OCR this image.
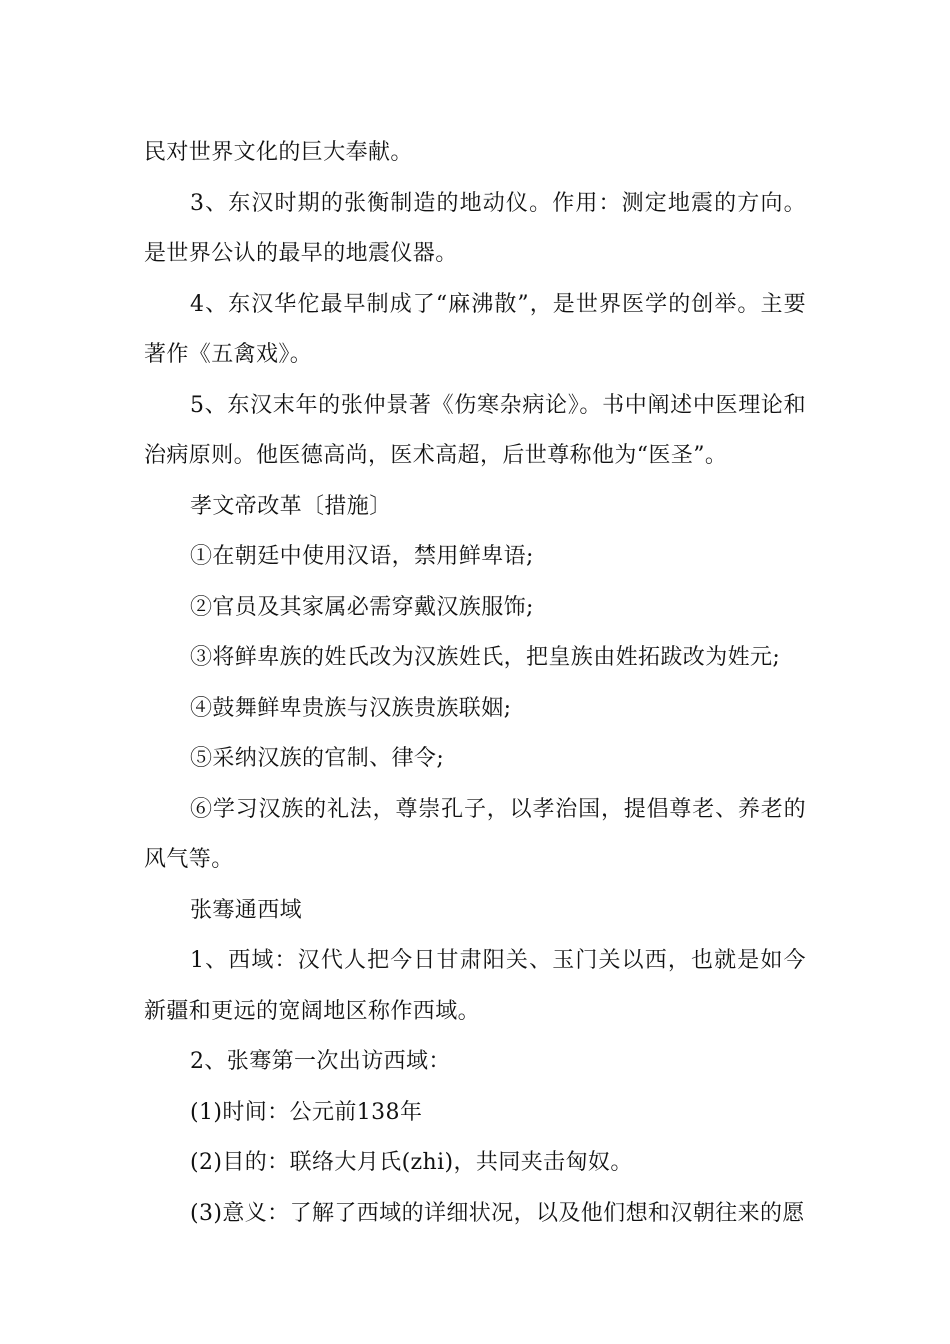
民对世界文化的巨大奉献。

3、东汉时期的张衡制造的地动仪。作用：测定地震的方向。是世界公认的最早的地震仪器。

4、东汉华佗最早制成了“麻沸散”，是世界医学的创举。主要著作《五禽戏》。

5、东汉末年的张仲景著《伤寒杂病论》。书中阐述中医理论和治病原则。他医德高尚，医术高超，后世尊称他为“医圣”。

孝文帝改革〔措施〕

①在朝廷中使用汉语，禁用鲜卑语;

②官员及其家属必需穿戴汉族服饰;

③将鲜卑族的姓氏改为汉族姓氏，把皇族由姓拓跋改为姓元;

④鼓舞鲜卑贵族与汉族贵族联姻;

⑤采纳汉族的官制、律令;

⑥学习汉族的礼法，尊崇孔子，以孝治国，提倡尊老、养老的风气等。

张骞通西域

1、西域：汉代人把今日甘肃阳关、玉门关以西，也就是如今新疆和更远的宽阔地区称作西域。

2、张骞第一次出访西域：

(1)时间：公元前138年

(2)目的：联络大月氏(zhi)，共同夹击匈奴。

(3)意义：了解了西域的详细状况，以及他们想和汉朝往来的愿
